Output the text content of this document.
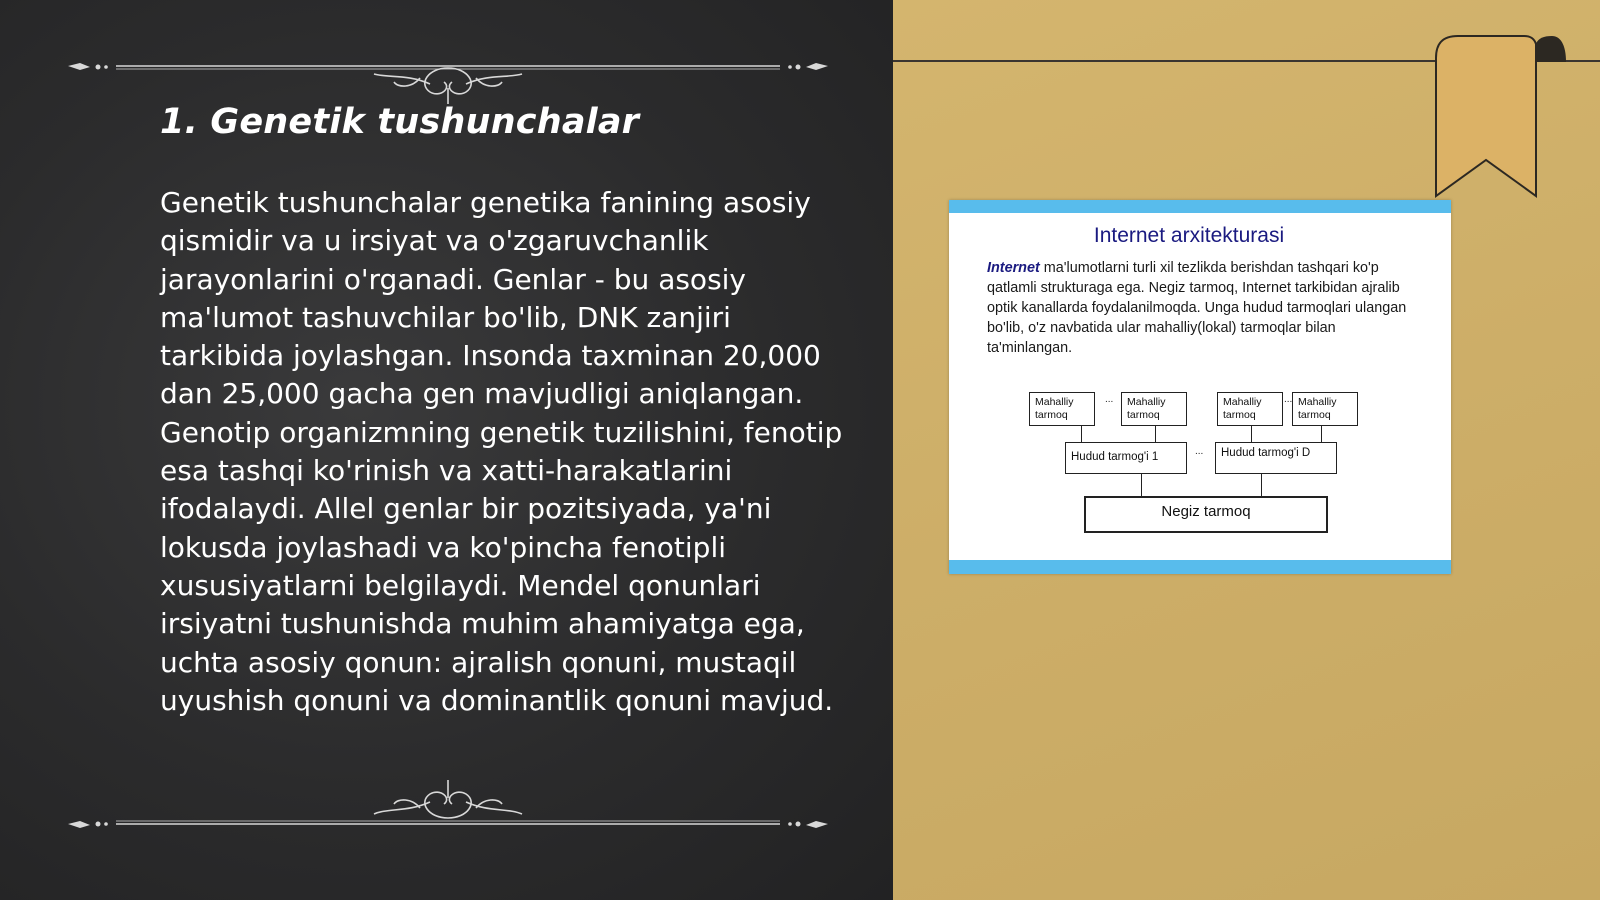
1. Genetik tushunchalar

Genetik tushunchalar genetika fanining asosiy qismidir va u irsiyat va o'zgaruvchanlik jarayonlarini o'rganadi. Genlar - bu asosiy ma'lumot tashuvchilar bo'lib, DNK zanjiri tarkibida joylashgan. Insonda taxminan 20,000 dan 25,000 gacha gen mavjudligi aniqlangan. Genotip organizmning genetik tuzilishini, fenotip esa tashqi ko'rinish va xatti-harakatlarini ifodalaydi. Allel genlar bir pozitsiyada, ya'ni lokusda joylashadi va ko'pincha fenotipli xususiyatlarni belgilaydi. Mendel qonunlari irsiyatni tushunishda muhim ahamiyatga ega, uchta asosiy qonun: ajralish qonuni, mustaqil uyushish qonuni va dominantlik qonuni mavjud.

Internet arxitekturasi

Internet ma'lumotlarni turli xil tezlikda berishdan tashqari ko'p qatlamli strukturaga ega. Negiz tarmoq, Internet tarkibidan ajralib optik kanallarda foydalanilmoqda. Unga hudud tarmoqlari ulangan bo'lib, o'z navbatida ular mahalliy(lokal) tarmoqlar bilan ta'minlangan.

Mahalliy tarmoq
...	Mahalliy tarmoq
Mahalliy tarmoq
... Mahalliy tarmoq
Hudud tarmog'i 1	...	Hudud tarmog'i D
Negiz tarmoq
